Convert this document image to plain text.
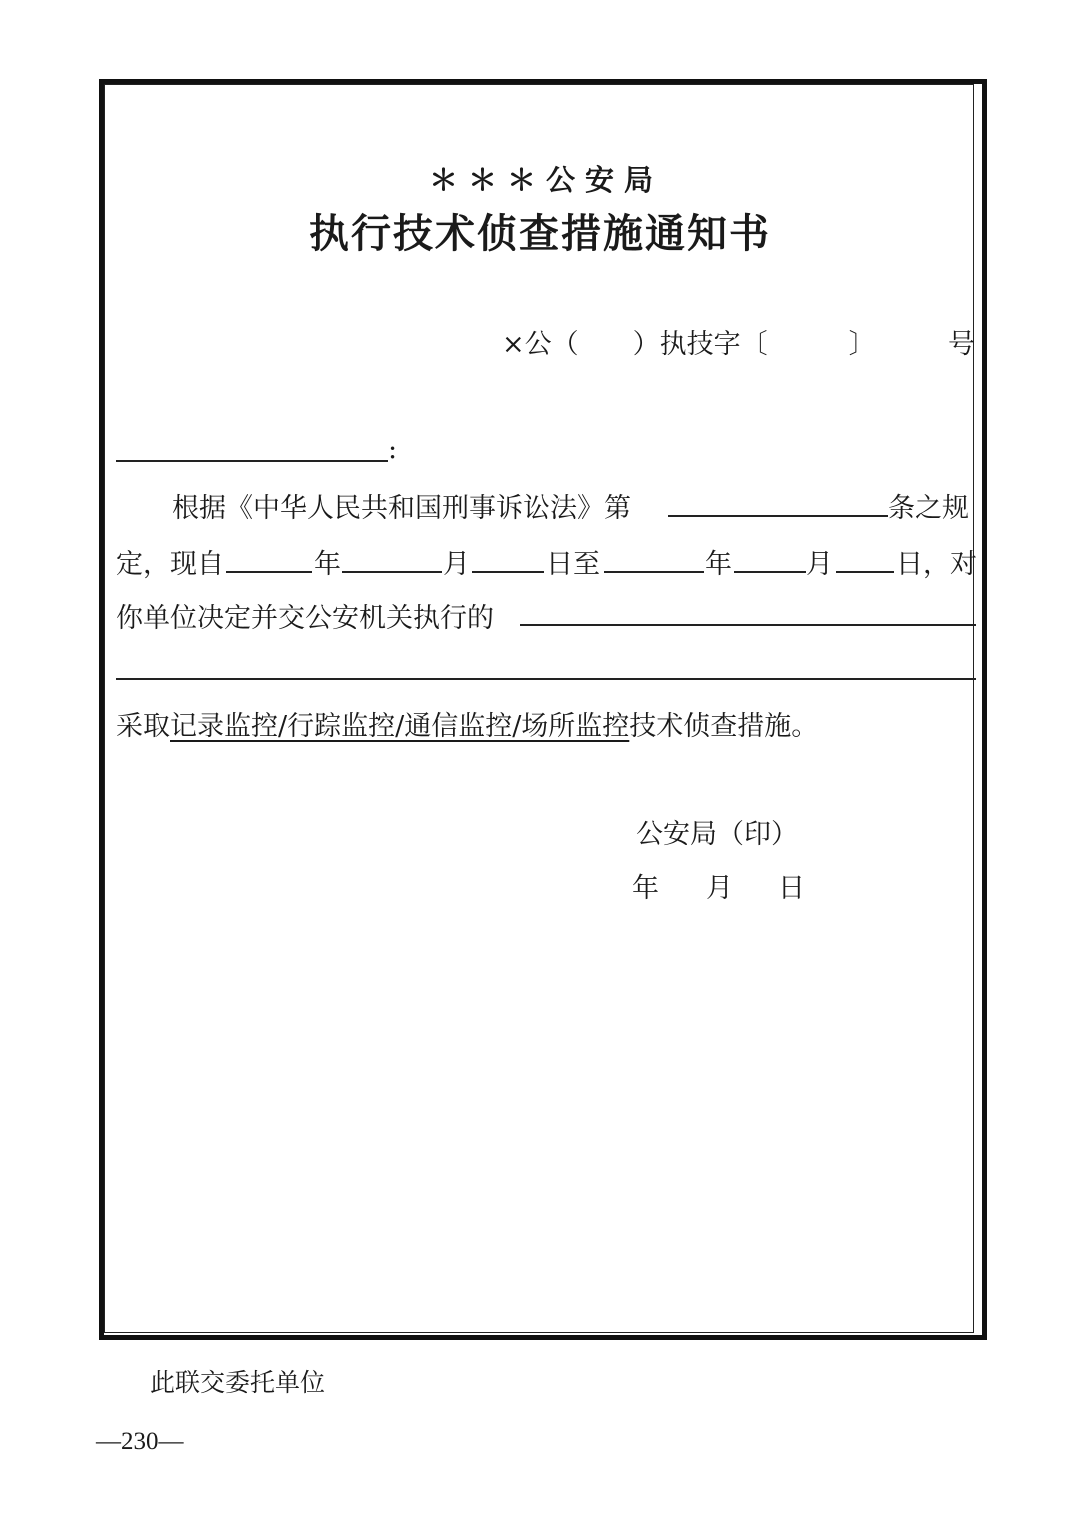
＊＊＊公安局
执行技术侦查措施通知书
×公（　　）执技字〔　　　〕	号
:
根据《中华人民共和国刑事诉讼法》第	条之规
定，现自	年	月	日至	年	月 日，对
你单位决定并交公安机关执行的
采取记录监控/行踪监控/通信监控/场所监控技术侦查措施。
公安局（印）
年 月 日
此联交委托单位
—230—
